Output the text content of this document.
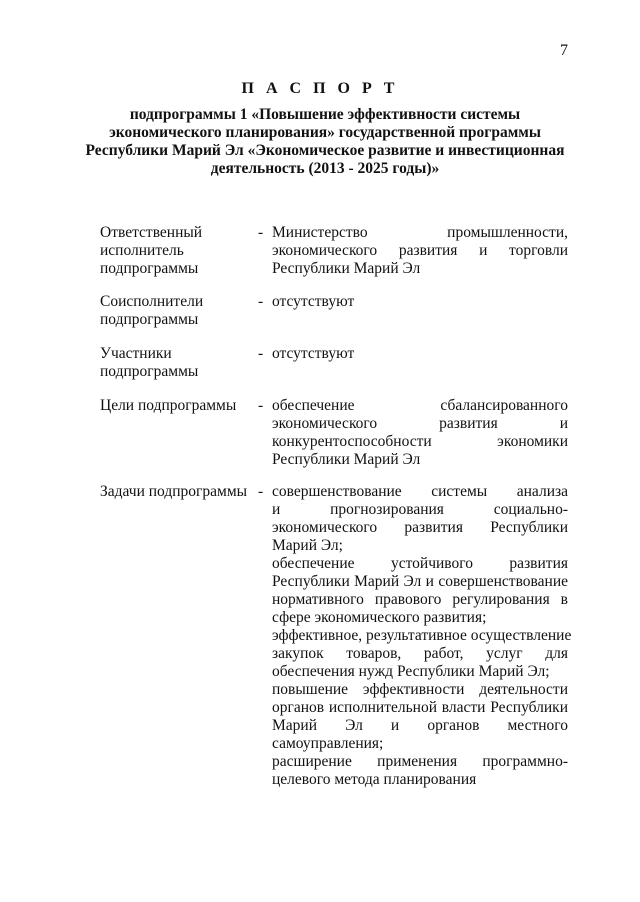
7
П А С П О Р Т
подпрограммы 1 «Повышение эффективности системы
экономического планирования» государственной программы
Республики Марий Эл «Экономическое развитие и инвестиционная
деятельность (2013 - 2025 годы)»
Ответственный
исполнитель
подпрограммы
- Министерство промышленности,
экономического развития и торговли
Республики Марий Эл
Соисполнители
подпрограммы
- отсутствуют
Участники
подпрограммы
- отсутствуют
Цели подпрограммы	- обеспечение сбалансированного
экономического развития и
конкурентоспособности экономики
Республики Марий Эл
Задачи подпрограммы - совершенствование системы анализа
и прогнозирования социально-
экономического развития Республики
Марий Эл;
обеспечение устойчивого развития
Республики Марий Эл и совершенствование
нормативного правового регулирования в
сфере экономического развития;
эффективное, результативное осуществление
закупок товаров, работ, услуг для
обеспечения нужд Республики Марий Эл;
повышение эффективности деятельности
органов исполнительной власти Республики
Марий Эл и органов местного
самоуправления;
расширение применения программно-
целевого метода планирования
